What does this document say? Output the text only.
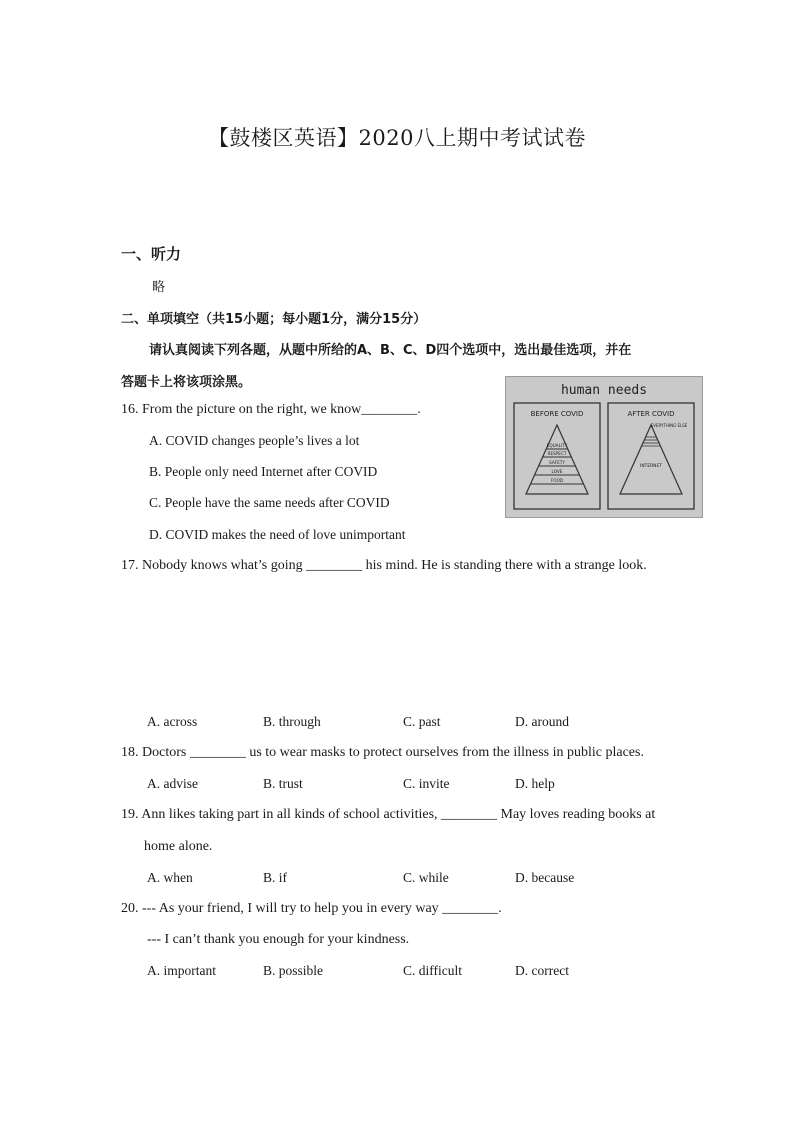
【鼓楼区英语】2020八上期中考试试卷
一、听力
略
二、单项填空（共15小题；每小题1分，满分15分）
请认真阅读下列各题，从题中所给的A、B、C、D四个选项中，选出最佳选项，并在
答题卡上将该项涂黑。
human needs
BEFORE COVID	AFTER COVID
EQUALITY
RESPECT
SAFETY
LOVE
FOOD
EVERYTHING ELSE
INTERNET
16. From the picture on the right, we know________.
A. COVID changes people’s lives a lot
B. People only need Internet after COVID
C. People have the same needs after COVID
D. COVID makes the need of love unimportant
17. Nobody knows what’s going ________ his mind. He is standing there with a strange look.
A. across	B. through	C. past	D. around
18. Doctors ________ us to wear masks to protect ourselves from the illness in public places.
A. advise	B. trust	C. invite	D. help
19. Ann likes taking part in all kinds of school activities, ________ May loves reading books at
home alone.
A. when	B. if	C. while	D. because
20. --- As your friend, I will try to help you in every way ________.
--- I can’t thank you enough for your kindness.
A. important	B. possible	C. difficult	D. correct
